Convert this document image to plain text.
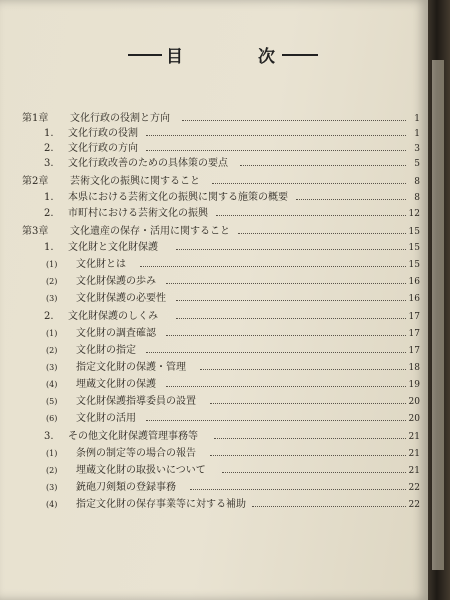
目	次
第1章 文化行政の役割と方向	1
1. 文化行政の役割	1
2. 文化行政の方向	3
3. 文化行政改善のための具体策の要点	5
第2章 芸術文化の振興に関すること	8
1. 本県における芸術文化の振興に関する施策の概要	8
2. 市町村における芸術文化の振興	12
第3章 文化遺産の保存・活用に関すること	15
1. 文化財と文化財保護	15
(1) 文化財とは	15
(2) 文化財保護の歩み	16
(3) 文化財保護の必要性	16
2. 文化財保護のしくみ	17
(1) 文化財の調査確認	17
(2) 文化財の指定	17
(3) 指定文化財の保護・管理	18
(4) 埋蔵文化財の保護	19
(5) 文化財保護指導委員の設置	20
(6) 文化財の活用	20
3. その他文化財保護管理事務等	21
(1) 条例の制定等の場合の報告	21
(2) 埋蔵文化財の取扱いについて	21
(3) 銃砲刀剣類の登録事務	22
(4) 指定文化財の保存事業等に対する補助	22
